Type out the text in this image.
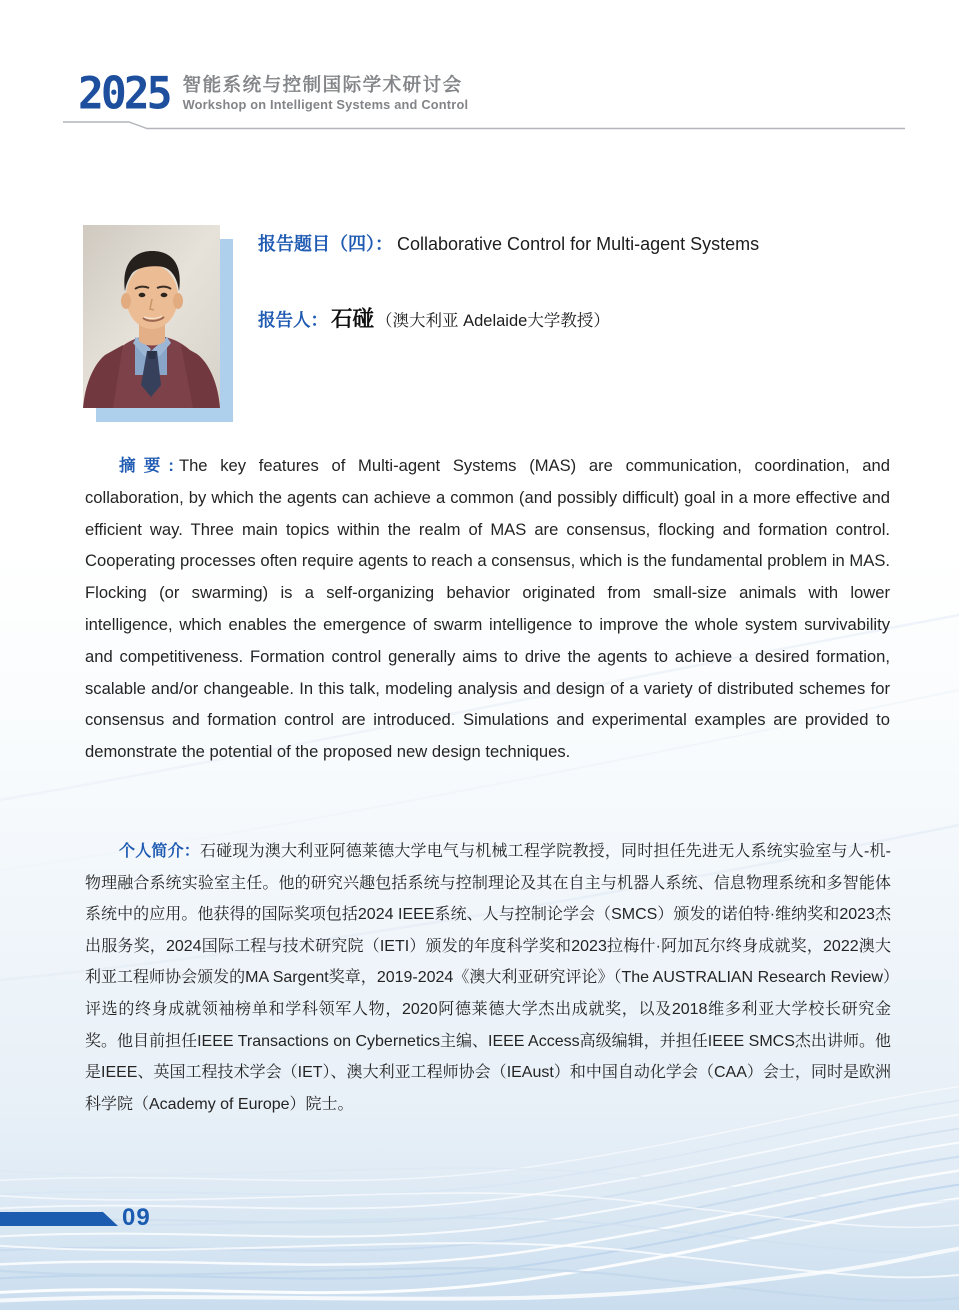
2025 智能系统与控制国际学术研讨会
Workshop on Intelligent Systems and Control
报告题目（四）： Collaborative Control for Multi-agent Systems
报告人： 石碰 （澳大利亚 Adelaide大学教授）

摘要: The key features of Multi-agent Systems (MAS) are communication, coordination, and collaboration, by which the agents can achieve a common (and possibly difficult) goal in a more effective and efficient way. Three main topics within the realm of MAS are consensus, flocking and formation control. Cooperating processes often require agents to reach a consensus, which is the fundamental problem in MAS. Flocking (or swarming) is a self-organizing behavior originated from small-size animals with lower intelligence, which enables the emergence of swarm intelligence to improve the whole system survivability and competitiveness. Formation control generally aims to drive the agents to achieve a desired formation, scalable and/or changeable. In this talk, modeling analysis and design of a variety of distributed schemes for consensus and formation control are introduced. Simulations and experimental examples are provided to demonstrate the potential of the proposed new design techniques.

个人简介：石碰现为澳大利亚阿德莱德大学电气与机械工程学院教授，同时担任先进无人系统实验室与人-机-物理融合系统实验室主任。他的研究兴趣包括系统与控制理论及其在自主与机器人系统、信息物理系统和多智能体系统中的应用。他获得的国际奖项包括2024 IEEE系统、人与控制论学会（SMCS）颁发的诺伯特·维纳奖和2023杰出服务奖，2024国际工程与技术研究院（IETI）颁发的年度科学奖和2023拉梅什·阿加瓦尔终身成就奖，2022澳大利亚工程师协会颁发的MA Sargent奖章，2019-2024《澳大利亚研究评论》（The AUSTRALIAN Research Review）评选的终身成就领袖榜单和学科领军人物，2020阿德莱德大学杰出成就奖，以及2018维多利亚大学校长研究金奖。他目前担任IEEE Transactions on Cybernetics主编、IEEE Access高级编辑，并担任IEEE SMCS杰出讲师。他是IEEE、英国工程技术学会（IET）、澳大利亚工程师协会（IEAust）和中国自动化学会（CAA）会士，同时是欧洲科学院（Academy of Europe）院士。

09
